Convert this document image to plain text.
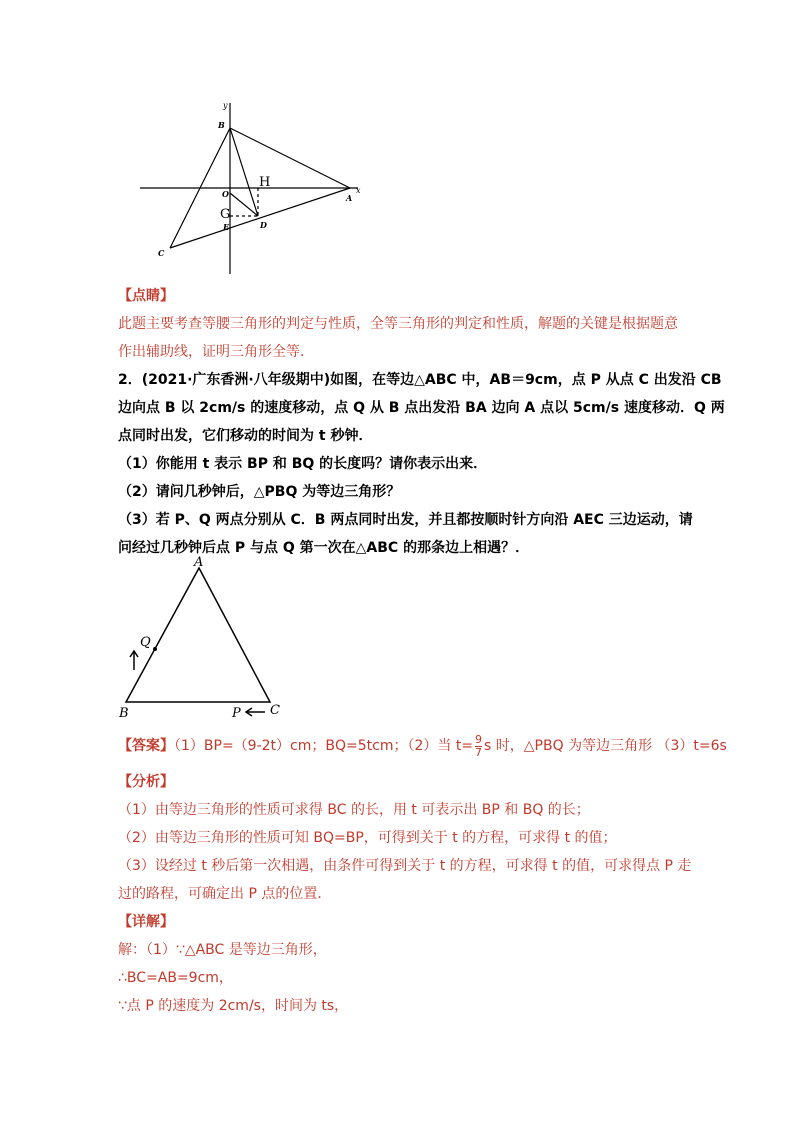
y
B
O
H
G
E	D
A
x
C
【点睛】
此题主要考查等腰三角形的判定与性质，全等三角形的判定和性质，解题的关键是根据题意
作出辅助线，证明三角形全等．
2．(2021·广东香洲·八年级期中)如图，在等边△ABC 中，AB＝9cm，点 P 从点 C 出发沿 CB
边向点 B 以 2cm/s 的速度移动，点 Q 从 B 点出发沿 BA 边向 A 点以 5cm/s 速度移动．Q 两
点同时出发，它们移动的时间为 t 秒钟．
（1）你能用 t 表示 BP 和 BQ 的长度吗？请你表示出来．
（2）请问几秒钟后，△PBQ 为等边三角形？
（3）若 P、Q 两点分别从 C．B 两点同时出发，并且都按顺时针方向沿 AEC 三边运动，请
问经过几秒钟后点 P 与点 Q 第一次在△ABC 的那条边上相遇？．
A
Q
B	P C
【答案】（1）BP=（9-2t）cm；BQ=5tcm；（2）当 $t= \frac{9}{7}$ s 时，△PBQ 为等边三角形 （3）t=6s
【分析】
（1）由等边三角形的性质可求得 BC 的长，用 t 可表示出 BP 和 BQ 的长；
（2）由等边三角形的性质可知 BQ=BP，可得到关于 t 的方程，可求得 t 的值；
（3）设经过 t 秒后第一次相遇，由条件可得到关于 t 的方程，可求得 t 的值，可求得点 P 走
过的路程，可确定出 P 点的位置．
【详解】
解：（1）∵△ABC 是等边三角形，
∴BC=AB=9cm，
∵点 P 的速度为 2cm/s，时间为 ts，
